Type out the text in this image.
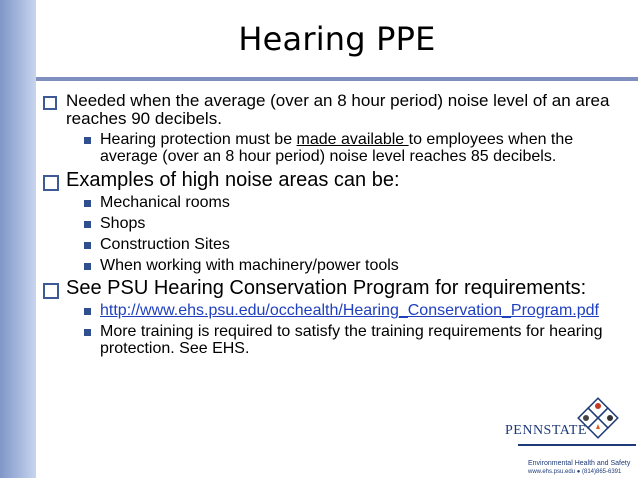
Hearing PPE
Needed when the average (over an 8 hour period) noise level of an area reaches 90 decibels.
Hearing protection must be made available to employees when the average (over an 8 hour period) noise level reaches 85 decibels.
Examples of high noise areas can be:
Mechanical rooms
Shops
Construction Sites
When working with machinery/power tools
See PSU Hearing Conservation Program for requirements:
http://www.ehs.psu.edu/occhealth/Hearing_Conservation_Program.pdf
More training is required to satisfy the training requirements for hearing protection. See EHS.
PENNSTATE
Environmental Health and Safety
www.ehs.psu.edu ● (814)865-6391
